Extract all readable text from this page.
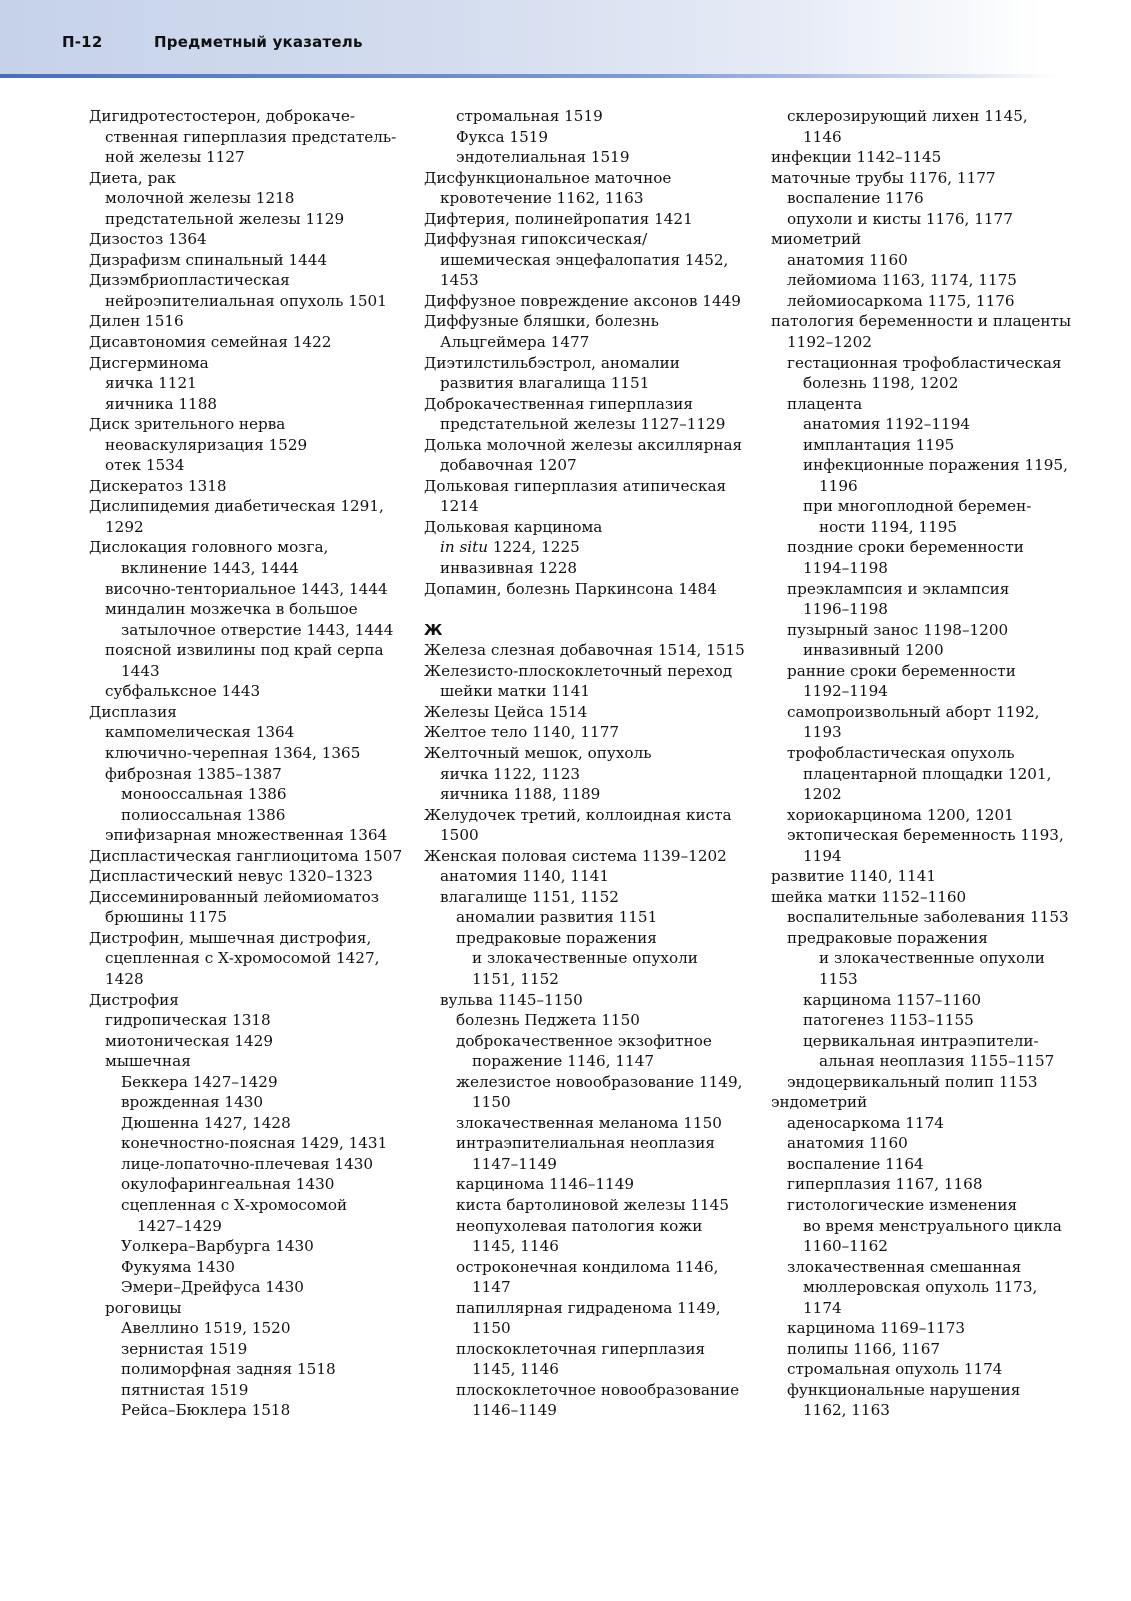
П-12	Предметный указатель
Дигидротестостерон, доброкаче-
ственная гиперплазия предстатель-
ной железы 1127
Диета, рак
молочной железы 1218
предстательной железы 1129
Дизостоз 1364
Дизрафизм спинальный 1444
Дизэмбриопластическая
нейроэпителиальная опухоль 1501
Дилен 1516
Дисавтономия семейная 1422
Дисгерминома
яичка 1121
яичника 1188
Диск зрительного нерва
неоваскуляризация 1529
отек 1534
Дискератоз 1318
Дислипидемия диабетическая 1291,
1292
Дислокация головного мозга,
вклинение 1443, 1444
височно-тенториальное 1443, 1444
миндалин мозжечка в большое
затылочное отверстие 1443, 1444
поясной извилины под край серпа
1443
субфальксное 1443
Дисплазия
кампомелическая 1364
ключично-черепная 1364, 1365
фиброзная 1385–1387
монооссальная 1386
полиоссальная 1386
эпифизарная множественная 1364
Диспластическая ганглиоцитома 1507
Диспластический невус 1320–1323
Диссеминированный лейомиоматоз
брюшины 1175
Дистрофин, мышечная дистрофия,
сцепленная с Х-хромосомой 1427,
1428
Дистрофия
гидропическая 1318
миотоническая 1429
мышечная
Беккера 1427–1429
врожденная 1430
Дюшенна 1427, 1428
конечностно-поясная 1429, 1431
лице-лопаточно-плечевая 1430
окулофарингеальная 1430
сцепленная с Х-хромосомой
1427–1429
Уолкера–Варбурга 1430
Фукуяма 1430
Эмери–Дрейфуса 1430
роговицы
Авеллино 1519, 1520
зернистая 1519
полиморфная задняя 1518
пятнистая 1519
Рейса–Бюклера 1518
стромальная 1519
Фукса 1519
эндотелиальная 1519
Дисфункциональное маточное
кровотечение 1162, 1163
Дифтерия, полинейропатия 1421
Диффузная гипоксическая/
ишемическая энцефалопатия 1452,
1453
Диффузное повреждение аксонов 1449
Диффузные бляшки, болезнь
Альцгеймера 1477
Диэтилстильбэстрол, аномалии
развития влагалища 1151
Доброкачественная гиперплазия
предстательной железы 1127–1129
Долька молочной железы аксиллярная
добавочная 1207
Дольковая гиперплазия атипическая
1214
Дольковая карцинома
in situ 1224, 1225
инвазивная 1228
Допамин, болезнь Паркинсона 1484

Ж
Железа слезная добавочная 1514, 1515
Железисто-плоскоклеточный переход
шейки матки 1141
Железы Цейса 1514
Желтое тело 1140, 1177
Желточный мешок, опухоль
яичка 1122, 1123
яичника 1188, 1189
Желудочек третий, коллоидная киста
1500
Женская половая система 1139–1202
анатомия 1140, 1141
влагалище 1151, 1152
аномалии развития 1151
предраковые поражения
и злокачественные опухоли
1151, 1152
вульва 1145–1150
болезнь Педжета 1150
доброкачественное экзофитное
поражение 1146, 1147
железистое новообразование 1149,
1150
злокачественная меланома 1150
интраэпителиальная неоплазия
1147–1149
карцинома 1146–1149
киста бартолиновой железы 1145
неопухолевая патология кожи
1145, 1146
остроконечная кондилома 1146,
1147
папиллярная гидраденома 1149,
1150
плоскоклеточная гиперплазия
1145, 1146
плоскоклеточное новообразование
1146–1149
склерозирующий лихен 1145,
1146
инфекции 1142–1145
маточные трубы 1176, 1177
воспаление 1176
опухоли и кисты 1176, 1177
миометрий
анатомия 1160
лейомиома 1163, 1174, 1175
лейомиосаркома 1175, 1176
патология беременности и плаценты
1192–1202
гестационная трофобластическая
болезнь 1198, 1202
плацента
анатомия 1192–1194
имплантация 1195
инфекционные поражения 1195,
1196
при многоплодной беремен-
ности 1194, 1195
поздние сроки беременности
1194–1198
преэклампсия и эклампсия
1196–1198
пузырный занос 1198–1200
инвазивный 1200
ранние сроки беременности
1192–1194
самопроизвольный аборт 1192,
1193
трофобластическая опухоль
плацентарной площадки 1201,
1202
хориокарцинома 1200, 1201
эктопическая беременность 1193,
1194
развитие 1140, 1141
шейка матки 1152–1160
воспалительные заболевания 1153
предраковые поражения
и злокачественные опухоли
1153
карцинома 1157–1160
патогенез 1153–1155
цервикальная интраэпители-
альная неоплазия 1155–1157
эндоцервикальный полип 1153
эндометрий
аденосаркома 1174
анатомия 1160
воспаление 1164
гиперплазия 1167, 1168
гистологические изменения
во время менструального цикла
1160–1162
злокачественная смешанная
мюллеровская опухоль 1173,
1174
карцинома 1169–1173
полипы 1166, 1167
стромальная опухоль 1174
функциональные нарушения
1162, 1163
